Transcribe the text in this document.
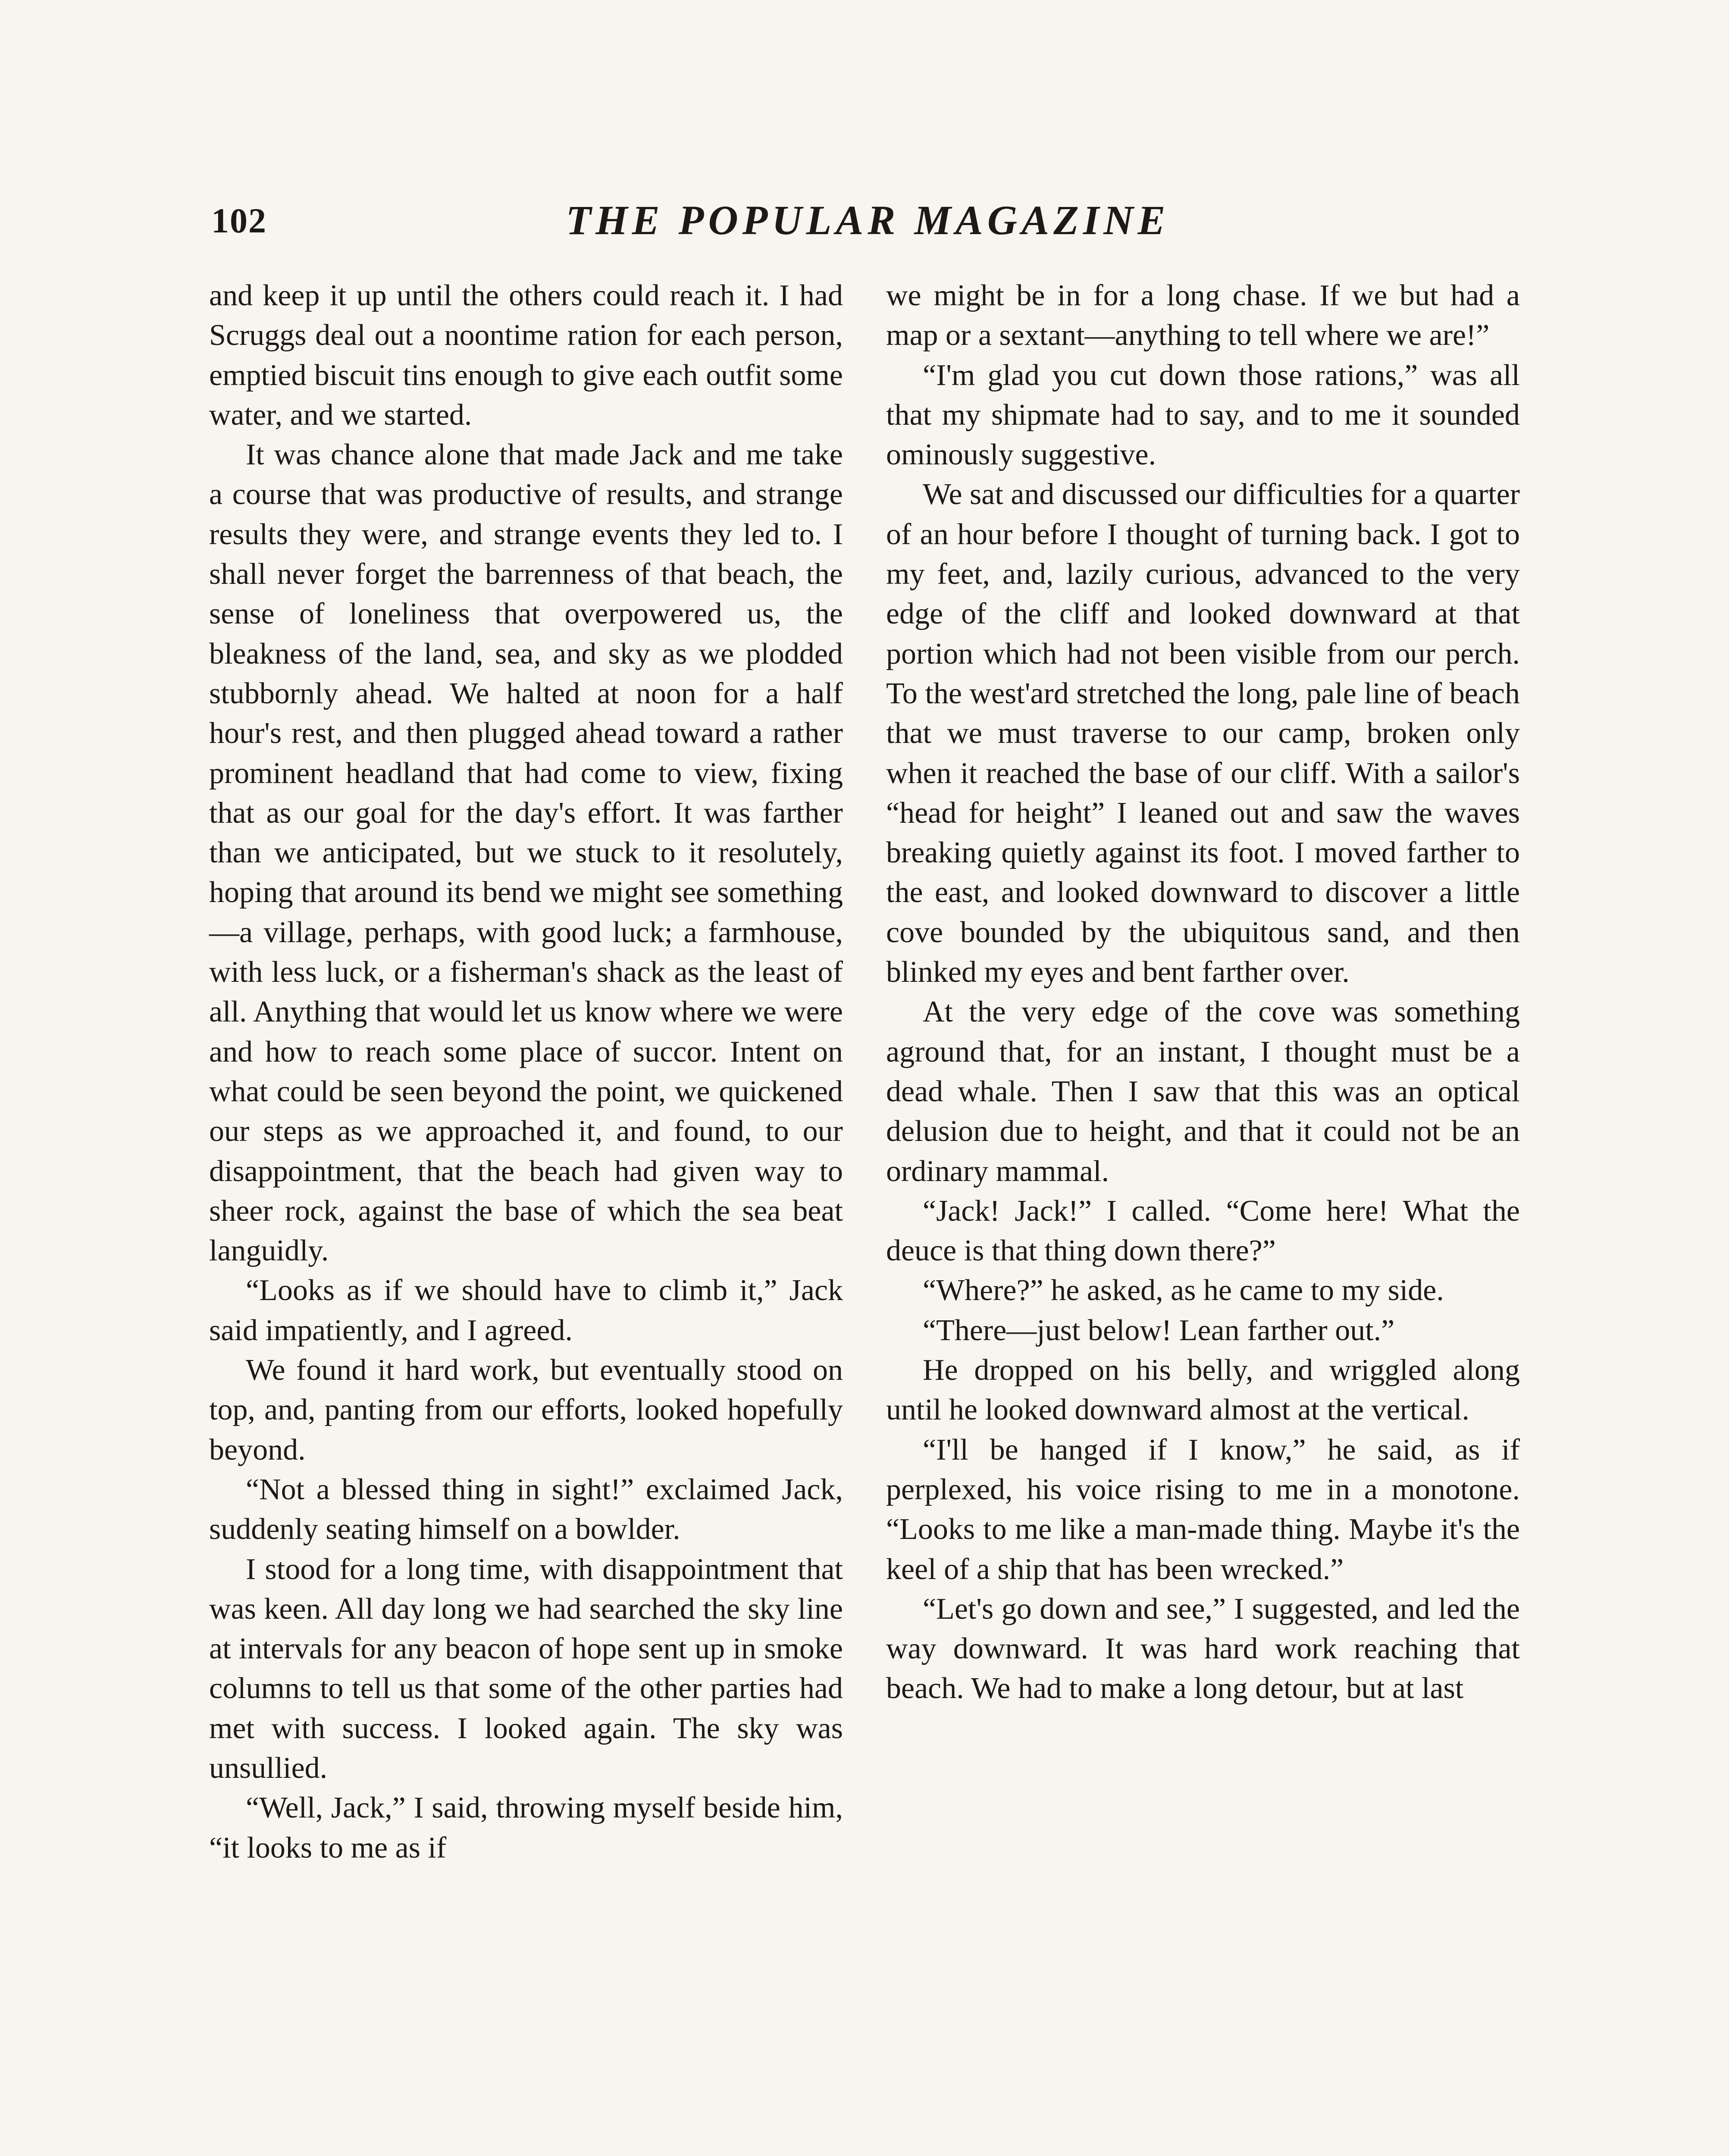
102	THE POPULAR MAGAZINE

and keep it up until the others could reach it. I had Scruggs deal out a noontime ration for each person, emptied biscuit tins enough to give each outfit some water, and we started.

It was chance alone that made Jack and me take a course that was productive of results, and strange results they were, and strange events they led to. I shall never forget the barrenness of that beach, the sense of loneliness that overpowered us, the bleakness of the land, sea, and sky as we plodded stubbornly ahead. We halted at noon for a half hour's rest, and then plugged ahead toward a rather prominent headland that had come to view, fixing that as our goal for the day's effort. It was farther than we anticipated, but we stuck to it resolutely, hoping that around its bend we might see something—a village, perhaps, with good luck; a farmhouse, with less luck, or a fisherman's shack as the least of all. Anything that would let us know where we were and how to reach some place of succor. Intent on what could be seen beyond the point, we quickened our steps as we approached it, and found, to our disappointment, that the beach had given way to sheer rock, against the base of which the sea beat languidly.

“Looks as if we should have to climb it,” Jack said impatiently, and I agreed.

We found it hard work, but eventually stood on top, and, panting from our efforts, looked hopefully beyond.

“Not a blessed thing in sight!” exclaimed Jack, suddenly seating himself on a bowlder.

I stood for a long time, with disappointment that was keen. All day long we had searched the sky line at intervals for any beacon of hope sent up in smoke columns to tell us that some of the other parties had met with success. I looked again. The sky was unsullied.

“Well, Jack,” I said, throwing myself beside him, “it looks to me as if

we might be in for a long chase. If we but had a map or a sextant—anything to tell where we are!”

“I'm glad you cut down those rations,” was all that my shipmate had to say, and to me it sounded ominously suggestive.

We sat and discussed our difficulties for a quarter of an hour before I thought of turning back. I got to my feet, and, lazily curious, advanced to the very edge of the cliff and looked downward at that portion which had not been visible from our perch. To the west'ard stretched the long, pale line of beach that we must traverse to our camp, broken only when it reached the base of our cliff. With a sailor's “head for height” I leaned out and saw the waves breaking quietly against its foot. I moved farther to the east, and looked downward to discover a little cove bounded by the ubiquitous sand, and then blinked my eyes and bent farther over.

At the very edge of the cove was something aground that, for an instant, I thought must be a dead whale. Then I saw that this was an optical delusion due to height, and that it could not be an ordinary mammal.

“Jack! Jack!” I called. “Come here! What the deuce is that thing down there?”

“Where?” he asked, as he came to my side.

“There—just below! Lean farther out.”

He dropped on his belly, and wriggled along until he looked downward almost at the vertical.

“I'll be hanged if I know,” he said, as if perplexed, his voice rising to me in a monotone. “Looks to me like a man-made thing. Maybe it's the keel of a ship that has been wrecked.”

“Let's go down and see,” I suggested, and led the way downward. It was hard work reaching that beach. We had to make a long detour, but at last
